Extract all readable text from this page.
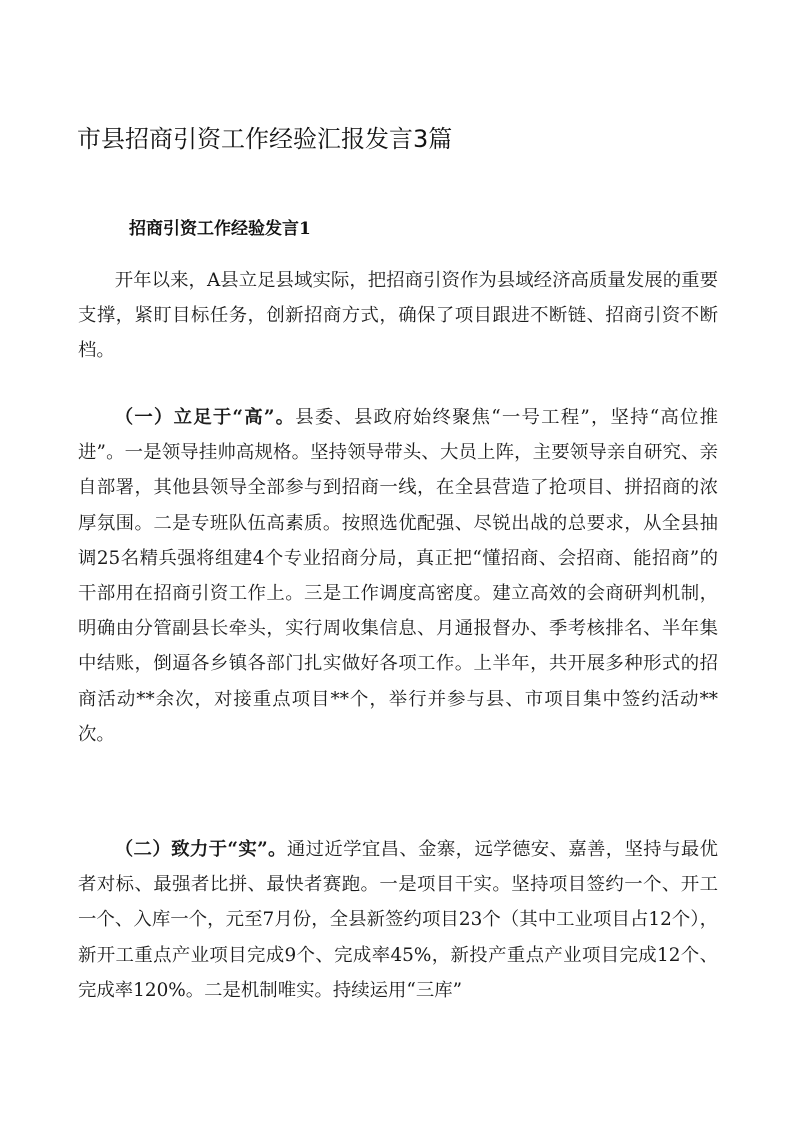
市县招商引资工作经验汇报发言3篇
招商引资工作经验发言1

开年以来，A县立足县域实际，把招商引资作为县域经济高质量发展的重要支撑，紧盯目标任务，创新招商方式，确保了项目跟进不断链、招商引资不断档。

（一）立足于“高”。县委、县政府始终聚焦“一号工程”，坚持“高位推进”。一是领导挂帅高规格。坚持领导带头、大员上阵，主要领导亲自研究、亲自部署，其他县领导全部参与到招商一线，在全县营造了抢项目、拼招商的浓厚氛围。二是专班队伍高素质。按照选优配强、尽锐出战的总要求，从全县抽调25名精兵强将组建4个专业招商分局，真正把“懂招商、会招商、能招商”的干部用在招商引资工作上。三是工作调度高密度。建立高效的会商研判机制，明确由分管副县长牵头，实行周收集信息、月通报督办、季考核排名、半年集中结账，倒逼各乡镇各部门扎实做好各项工作。上半年，共开展多种形式的招商活动**余次，对接重点项目**个，举行并参与县、市项目集中签约活动**次。

（二）致力于“实”。通过近学宜昌、金寨，远学德安、嘉善，坚持与最优者对标、最强者比拼、最快者赛跑。一是项目干实。坚持项目签约一个、开工一个、入库一个，元至7月份，全县新签约项目23个（其中工业项目占12个），新开工重点产业项目完成9个、完成率45%，新投产重点产业项目完成12个、完成率120%。二是机制唯实。持续运用“三库”
